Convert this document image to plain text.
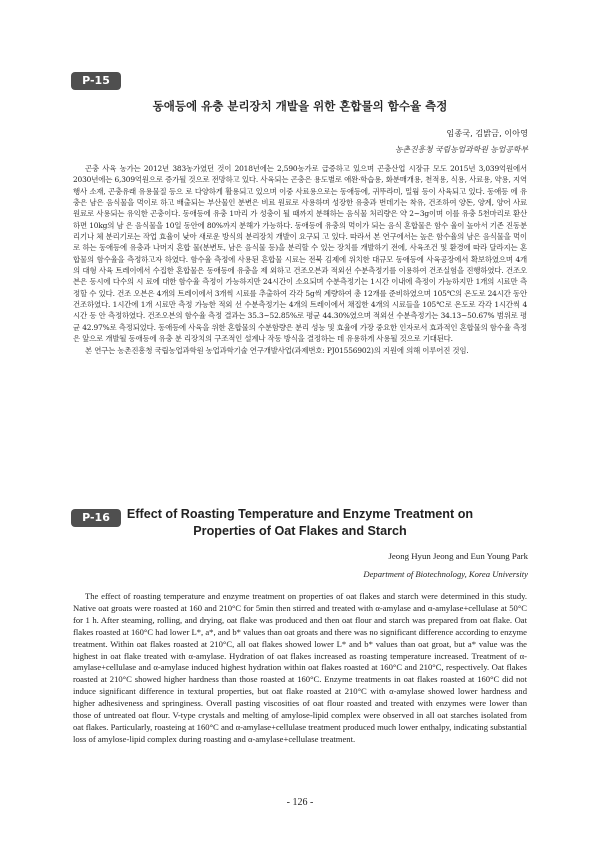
P-15
동애등에 유충 분리장치 개발을 위한 혼합물의 함수율 측정
임종국, 김밝금, 이아영
농촌진흥청 국립농업과학원 농업공학부

곤충 사육 농가는 2012년 383농가였던 것이 2018년에는 2,590농가로 급증하고 있으며 곤충산업 시장규 모도 2015년 3,039억원에서 2030년에는 6,309억원으로 증가될 것으로 전망하고 있다. 사육되는 곤충은 용도별로 애완·학습용, 화분매개용, 천적용, 식용, 사료용, 약용, 지역행사 소재, 곤충유래 유용물질 등으 로 다양하게 활용되고 있으며 이중 사료용으로는 동애등에, 귀뚜라미, 밀웜 등이 사육되고 있다. 동애등 에 유충은 남은 음식물을 먹이로 하고 배출되는 부산물인 분변은 비료 원료로 사용하며 성장한 유충과 번데기는 착유, 건조하여 양돈, 양계, 양어 사료 원료로 사용되는 유익한 곤충이다. 동애등에 유충 1마리 가 성충이 될 때까지 분해하는 음식물 처리량은 약 2~3g이며 이를 유충 5천마리로 환산하면 10kg의 남 은 음식물을 10일 동안에 80%까지 분해가 가능하다. 동애등에 유충의 먹이가 되는 음식 혼합물은 함수 율이 높아서 기존 진동분리기나 체 분리기로는 작업 효율이 낮아 새로운 방식의 분리장치 개발이 요구되 고 있다. 따라서 본 연구에서는 높은 함수율의 남은 음식물을 먹이로 하는 동애등에 유충과 나머지 혼합 물(분변토, 남은 음식물 등)을 분리할 수 있는 장치를 개발하기 전에, 사육조건 및 환경에 따라 달라지는 혼합물의 함수율을 측정하고자 하였다. 함수율 측정에 사용된 혼합물 시료는 전북 김제에 위치한 대규모 동애등에 사육공장에서 확보하였으며 4개의 대형 사육 트레이에서 수집한 혼합물은 동애등에 유충을 제 외하고 건조오븐과 적외선 수분측정기를 이용하여 건조실험을 진행하였다. 건조오븐은 동시에 다수의 시 료에 대한 함수율 측정이 가능하지만 24시간이 소요되며 수분측정기는 1시간 이내에 측정이 가능하지만 1개의 시료만 측정할 수 있다. 건조 오븐은 4개의 트레이에서 3개씩 시료를 추출하여 각각 5g씩 계량하여 총 12개를 준비하였으며 105℃의 온도로 24시간 동안 건조하였다. 1시간에 1개 시료만 측정 가능한 적외 선 수분측정기는 4개의 트레이에서 채집한 4개의 시료들을 105℃로 온도로 각각 1시간씩 4시간 동 안 측정하였다. 건조오븐의 함수율 측정 결과는 35.3~52.85%로 평균 44.30%였으며 적외선 수분측정기는 34.13~50.67% 범위로 평균 42.97%로 측정되었다. 동애등에 사육을 위한 혼합물의 수분함량은 분리 성능 및 효율에 가장 중요한 인자로서 효과적인 혼합물의 함수율 측정은 앞으로 개발될 동애등에 유충 분 리장치의 구조적인 설계나 작동 방식을 결정하는 데 유용하게 사용될 것으로 기대된다.

본 연구는 농촌진흥청 국립농업과학원 농업과학기술 연구개발사업(과제번호: PJ01556902)의 지원에 의해 이루어진 것임.

P-16	Effect of Roasting Temperature and Enzyme Treatment on
Properties of Oat Flakes and Starch
Jeong Hyun Jeong and Eun Young Park
Department of Biotechnology, Korea University

The effect of roasting temperature and enzyme treatment on properties of oat flakes and starch were determined in this study. Native oat groats were roasted at 160 and 210°C for 5min then stirred and treated with α-amylase and α-amylase+cellulase at 50°C for 1 h. After steaming, rolling, and drying, oat flake was produced and then oat flour and starch was prepared from oat flake. Oat flakes roasted at 160°C had lower L*, a*, and b* values than oat groats and there was no significant difference according to enzyme treatment. Within oat flakes roasted at 210°C, all oat flakes showed lower L* and b* values than oat groat, but a* value was the highest in oat flake treated with α-amylase. Hydration of oat flakes increased as roasting temperature increased. Treatment of α-amylase+cellulase and α-amylase induced highest hydration within oat flakes roasted at 160°C and 210°C, respectively. Oat flakes roasted at 210°C showed higher hardness than those roasted at 160°C. Enzyme treatments in oat flakes roasted at 160°C did not induce significant difference in textural properties, but oat flake roasted at 210°C with α-amylase showed lower hardness and higher adhesiveness and springiness. Overall pasting viscosities of oat flour roasted and treated with enzymes were lower than those of untreated oat flour. V-type crystals and melting of amylose-lipid complex were observed in all oat starches isolated from oat flakes. Particularly, roasteing at 160°C and α-amylase+cellulase treatment produced much lower enthalpy, indicating substantial loss of amylose-lipid complex during roasting and α-amylase+cellulase treatment.

- 126 -
